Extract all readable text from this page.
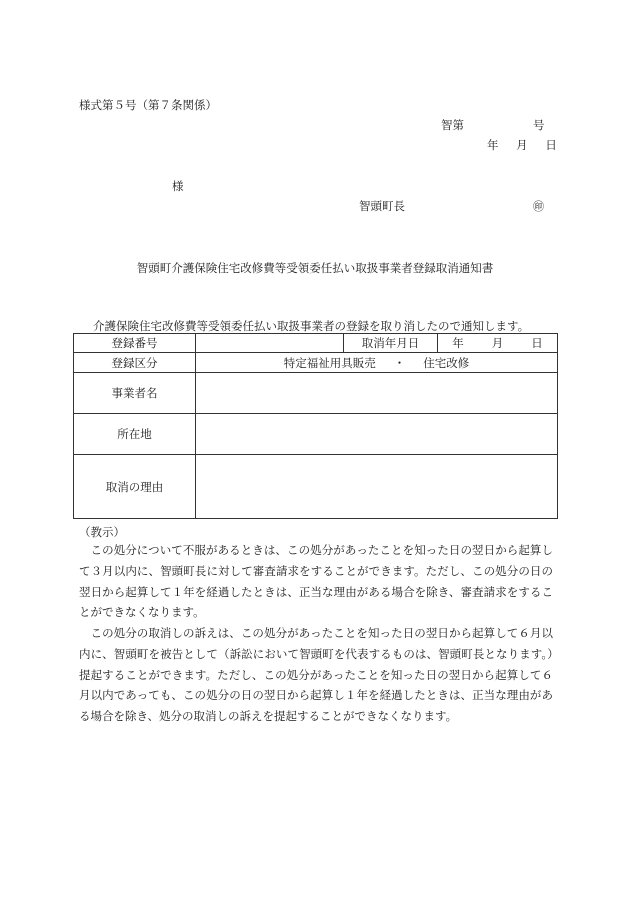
様式第５号（第７条関係）
智第	号
年 月 日
様
智頭町長	㊞
智頭町介護保険住宅改修費等受領委任払い取扱事業者登録取消通知書
介護保険住宅改修費等受領委任払い取扱事業者の登録を取り消したので通知します。
登録番号		取消年月日	年 月 日
登録区分	特定福祉用具販売 ・ 住宅改修		
事業者名			
所在地			
取消の理由			
（教示）
この処分について不服があるときは、この処分があったことを知った日の翌日から起算して３月以内に、智頭町長に対して審査請求をすることができます。ただし、この処分の日の翌日から起算して１年を経過したときは、正当な理由がある場合を除き、審査請求をすることができなくなります。
この処分の取消しの訴えは、この処分があったことを知った日の翌日から起算して６月以内に、智頭町を被告として（訴訟において智頭町を代表するものは、智頭町長となります。）提起することができます。ただし、この処分があったことを知った日の翌日から起算して６月以内であっても、この処分の日の翌日から起算し１年を経過したときは、正当な理由がある場合を除き、処分の取消しの訴えを提起することができなくなります。
